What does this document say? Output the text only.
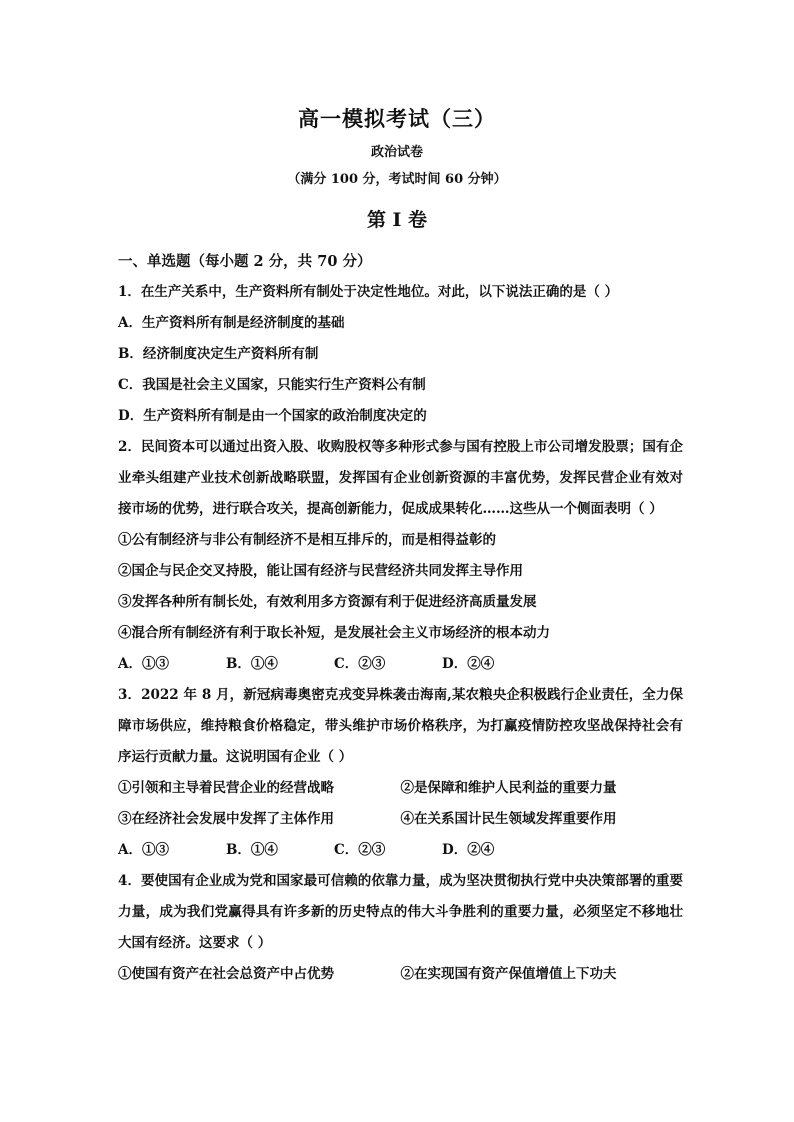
高一模拟考试（三）
政治试卷
（满分 100 分，考试时间 60 分钟）
第 I 卷
一、单选题（每小题 2 分，共 70 分）
1．在生产关系中，生产资料所有制处于决定性地位。对此，以下说法正确的是（ ）
A．生产资料所有制是经济制度的基础
B．经济制度决定生产资料所有制
C．我国是社会主义国家，只能实行生产资料公有制
D．生产资料所有制是由一个国家的政治制度决定的
2．民间资本可以通过出资入股、收购股权等多种形式参与国有控股上市公司增发股票；国有企业牵头组建产业技术创新战略联盟，发挥国有企业创新资源的丰富优势，发挥民营企业有效对接市场的优势，进行联合攻关，提高创新能力，促成成果转化……这些从一个侧面表明（ ）
①公有制经济与非公有制经济不是相互排斥的，而是相得益彰的
②国企与民企交叉持股，能让国有经济与民营经济共同发挥主导作用
③发挥各种所有制长处，有效利用多方资源有利于促进经济高质量发展
④混合所有制经济有利于取长补短，是发展社会主义市场经济的根本动力
A．①③	B．①④	C．②③	D．②④
3．2022 年 8 月，新冠病毒奥密克戎变异株袭击海南,某农粮央企积极践行企业责任，全力保障市场供应，维持粮食价格稳定，带头维护市场价格秩序，为打赢疫情防控攻坚战保持社会有序运行贡献力量。这说明国有企业（ ）
①引领和主导着民营企业的经营战略	②是保障和维护人民利益的重要力量
③在经济社会发展中发挥了主体作用	④在关系国计民生领域发挥重要作用
A．①③	B．①④	C．②③	D．②④
4．要使国有企业成为党和国家最可信赖的依靠力量，成为坚决贯彻执行党中央决策部署的重要力量，成为我们党赢得具有许多新的历史特点的伟大斗争胜利的重要力量，必须坚定不移地壮大国有经济。这要求（ ）
①使国有资产在社会总资产中占优势	②在实现国有资产保值增值上下功夫
